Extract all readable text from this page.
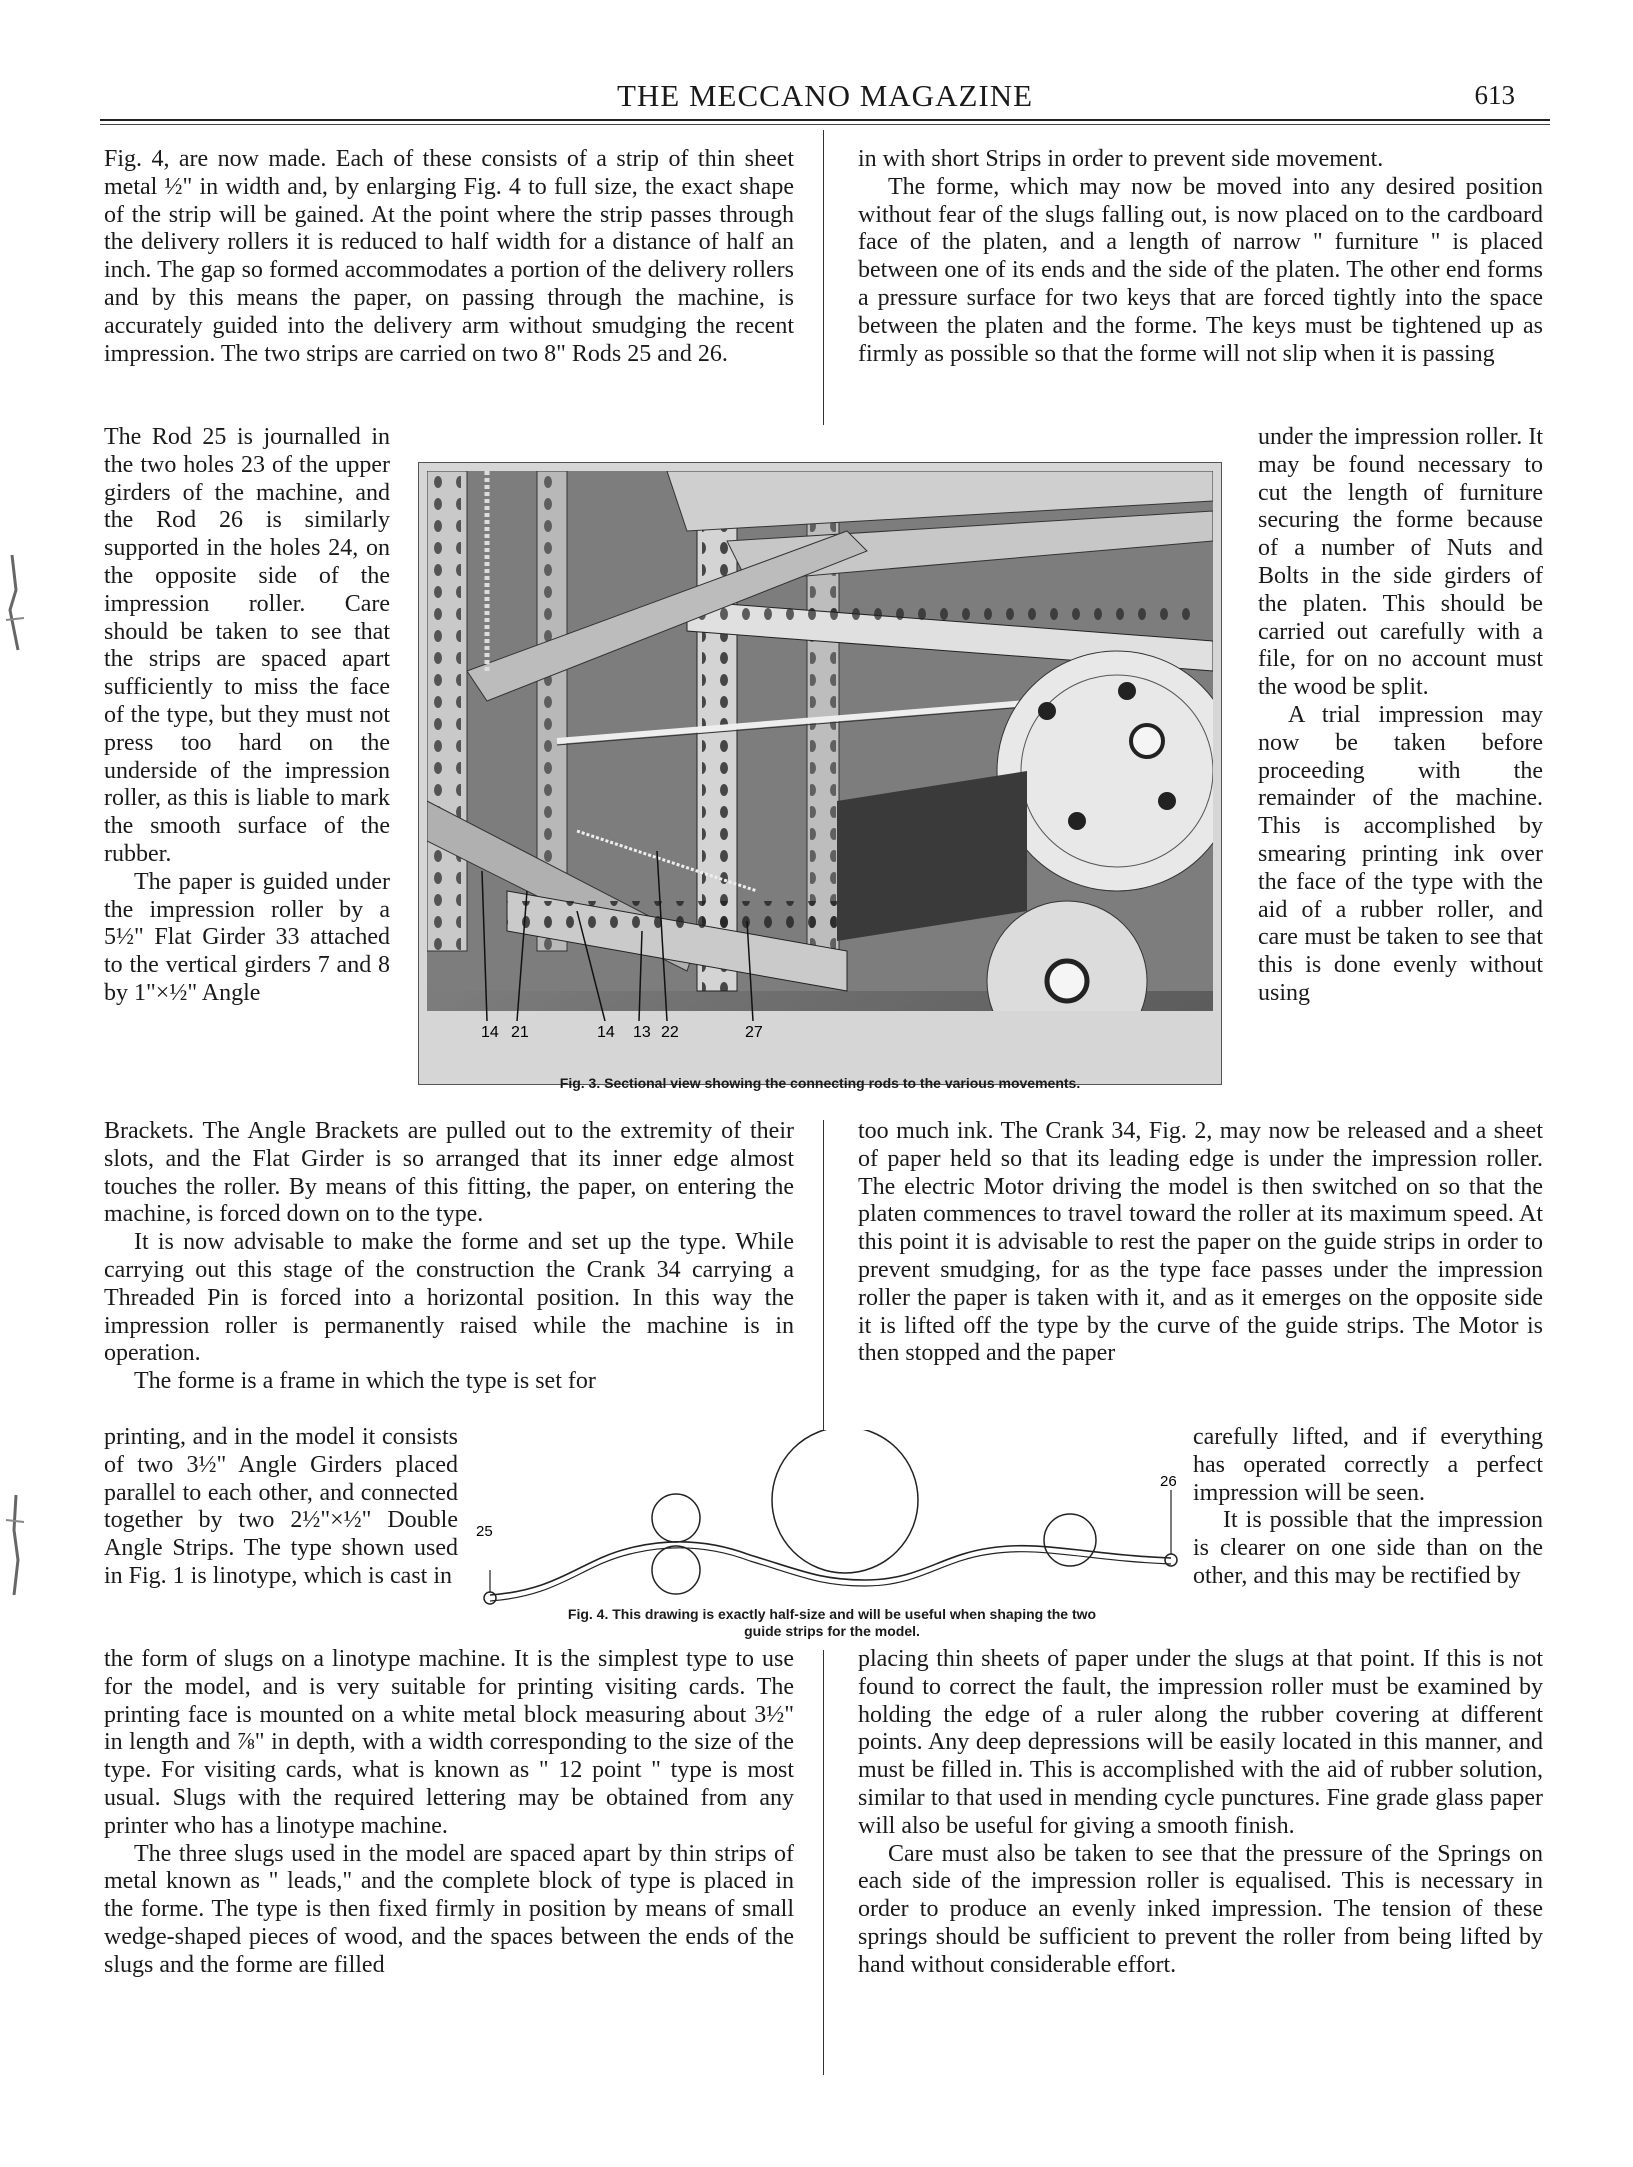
THE MECCANO MAGAZINE	613

Fig. 4, are now made. Each of these consists of a strip of thin sheet metal ½" in width and, by enlarging Fig. 4 to full size, the exact shape of the strip will be gained. At the point where the strip passes through the delivery rollers it is reduced to half width for a distance of half an inch. The gap so formed accommodates a portion of the delivery rollers and by this means the paper, on passing through the machine, is accurately guided into the delivery arm without smudging the recent impression. The two strips are carried on two 8" Rods 25 and 26.

The Rod 25 is journalled in the two holes 23 of the upper girders of the machine, and the Rod 26 is similarly supported in the holes 24, on the opposite side of the impression roller. Care should be taken to see that the strips are spaced apart sufficiently to miss the face of the type, but they must not press too hard on the underside of the impression roller, as this is liable to mark the smooth surface of the rubber.

The paper is guided under the impression roller by a 5½" Flat Girder 33 attached to the vertical girders 7 and 8 by 1"×½" Angle

Brackets. The Angle Brackets are pulled out to the extremity of their slots, and the Flat Girder is so arranged that its inner edge almost touches the roller. By means of this fitting, the paper, on entering the machine, is forced down on to the type.

It is now advisable to make the forme and set up the type. While carrying out this stage of the construction the Crank 34 carrying a Threaded Pin is forced into a horizontal position. In this way the impression roller is permanently raised while the machine is in operation.

The forme is a frame in which the type is set for

printing, and in the model it consists of two 3½" Angle Girders placed parallel to each other, and connected together by two 2½"×½" Double Angle Strips. The type shown used in Fig. 1 is linotype, which is cast in

the form of slugs on a linotype machine. It is the simplest type to use for the model, and is very suitable for printing visiting cards. The printing face is mounted on a white metal block measuring about 3½" in length and ⅞" in depth, with a width corresponding to the size of the type. For visiting cards, what is known as " 12 point " type is most usual. Slugs with the required lettering may be obtained from any printer who has a linotype machine.

The three slugs used in the model are spaced apart by thin strips of metal known as " leads," and the complete block of type is placed in the forme. The type is then fixed firmly in position by means of small wedge-shaped pieces of wood, and the spaces between the ends of the slugs and the forme are filled

in with short Strips in order to prevent side movement.

The forme, which may now be moved into any desired position without fear of the slugs falling out, is now placed on to the cardboard face of the platen, and a length of narrow " furniture " is placed between one of its ends and the side of the platen. The other end forms a pressure surface for two keys that are forced tightly into the space between the platen and the forme. The keys must be tightened up as firmly as possible so that the forme will not slip when it is passing

under the impression roller. It may be found necessary to cut the length of furniture securing the forme because of a number of Nuts and Bolts in the side girders of the platen. This should be carried out carefully with a file, for on no account must the wood be split.

A trial impression may now be taken before proceeding with the remainder of the machine. This is accomplished by smearing printing ink over the face of the type with the aid of a rubber roller, and care must be taken to see that this is done evenly without using

too much ink. The Crank 34, Fig. 2, may now be released and a sheet of paper held so that its leading edge is under the impression roller. The electric Motor driving the model is then switched on so that the platen commences to travel toward the roller at its maximum speed. At this point it is advisable to rest the paper on the guide strips in order to prevent smudging, for as the type face passes under the impression roller the paper is taken with it, and as it emerges on the opposite side it is lifted off the type by the curve of the guide strips. The Motor is then stopped and the paper

carefully lifted, and if everything has operated correctly a perfect impression will be seen.

It is possible that the impression is clearer on one side than on the other, and this may be rectified by

placing thin sheets of paper under the slugs at that point. If this is not found to correct the fault, the impression roller must be examined by holding the edge of a ruler along the rubber covering at different points. Any deep depressions will be easily located in this manner, and must be filled in. This is accomplished with the aid of rubber solution, similar to that used in mending cycle punctures. Fine grade glass paper will also be useful for giving a smooth finish.

Care must also be taken to see that the pressure of the Springs on each side of the impression roller is equalised. This is necessary in order to produce an evenly inked impression. The tension of these springs should be sufficient to prevent the roller from being lifted by hand without considerable effort.

14 21	14 13 22	27
Fig. 3. Sectional view showing the connecting rods to the various movements.
25
26
Fig. 4. This drawing is exactly half-size and will be useful when shaping the two
guide strips for the model.
